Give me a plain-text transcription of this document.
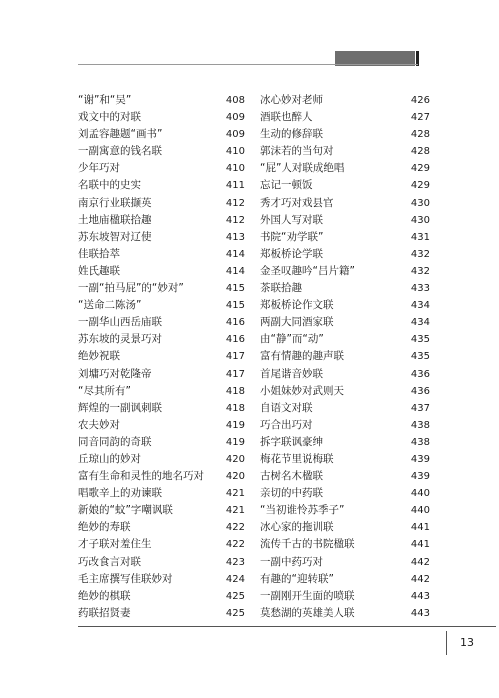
“谢”和“吴”	408
戏文中的对联	409
刘孟容趣题“画书”	409
一副寓意的钱名联	410
少年巧对	410
名联中的史实	411
南京行业联撷英	412
土地庙楹联拾趣	412
苏东坡智对辽使	413
佳联拾萃	414
姓氏趣联	414
一副“拍马屁”的“妙对”	415
“送命二陈汤”	415
一副华山西岳庙联	416
苏东坡的灵景巧对	416
绝妙祝联	417
刘墉巧对乾隆帝	417
“尽其所有”	418
辉煌的一副讽刺联	418
农夫妙对	419
同音同韵的奇联	419
丘琼山的妙对	420
富有生命和灵性的地名巧对 420
唱歌辛上的劝谏联	421
新娘的“蚊”字嘲讽联	421
绝妙的寿联	422
才子联对羞住生	422
巧改食言对联	423
毛主席撰写佳联妙对	424
绝妙的棋联	425
药联招贤妻	425
冰心妙对老师	426
酒联也醉人	427
生动的修辞联	428
郭沫若的当句对	428
“屁”人对联成绝唱	429
忘记一顿饭	429
秀才巧对戏县官	430
外国人写对联	430
书院“劝学联”	431
郑板桥论学联	432
金圣叹趣吟“吕片籍”	432
茶联拾趣	433
郑板桥论作文联	434
两副大同酒家联	434
由“静”而“动”	435
富有情趣的趣声联	435
首尾谐音妙联	436
小姐妹妙对武则天	436
自语文对联	437
巧合出巧对	438
拆字联讽豪绅	438
梅花节里说梅联	439
古树名木楹联	439
亲切的中药联	440
“当初谁怜苏季子”	440
冰心家的拖训联	441
流传千古的书院楹联	441
一副中药巧对	442
有趣的“迎转联”	442
一副刚开生面的喷联	443
莫愁湖的英雄美人联	443
13
